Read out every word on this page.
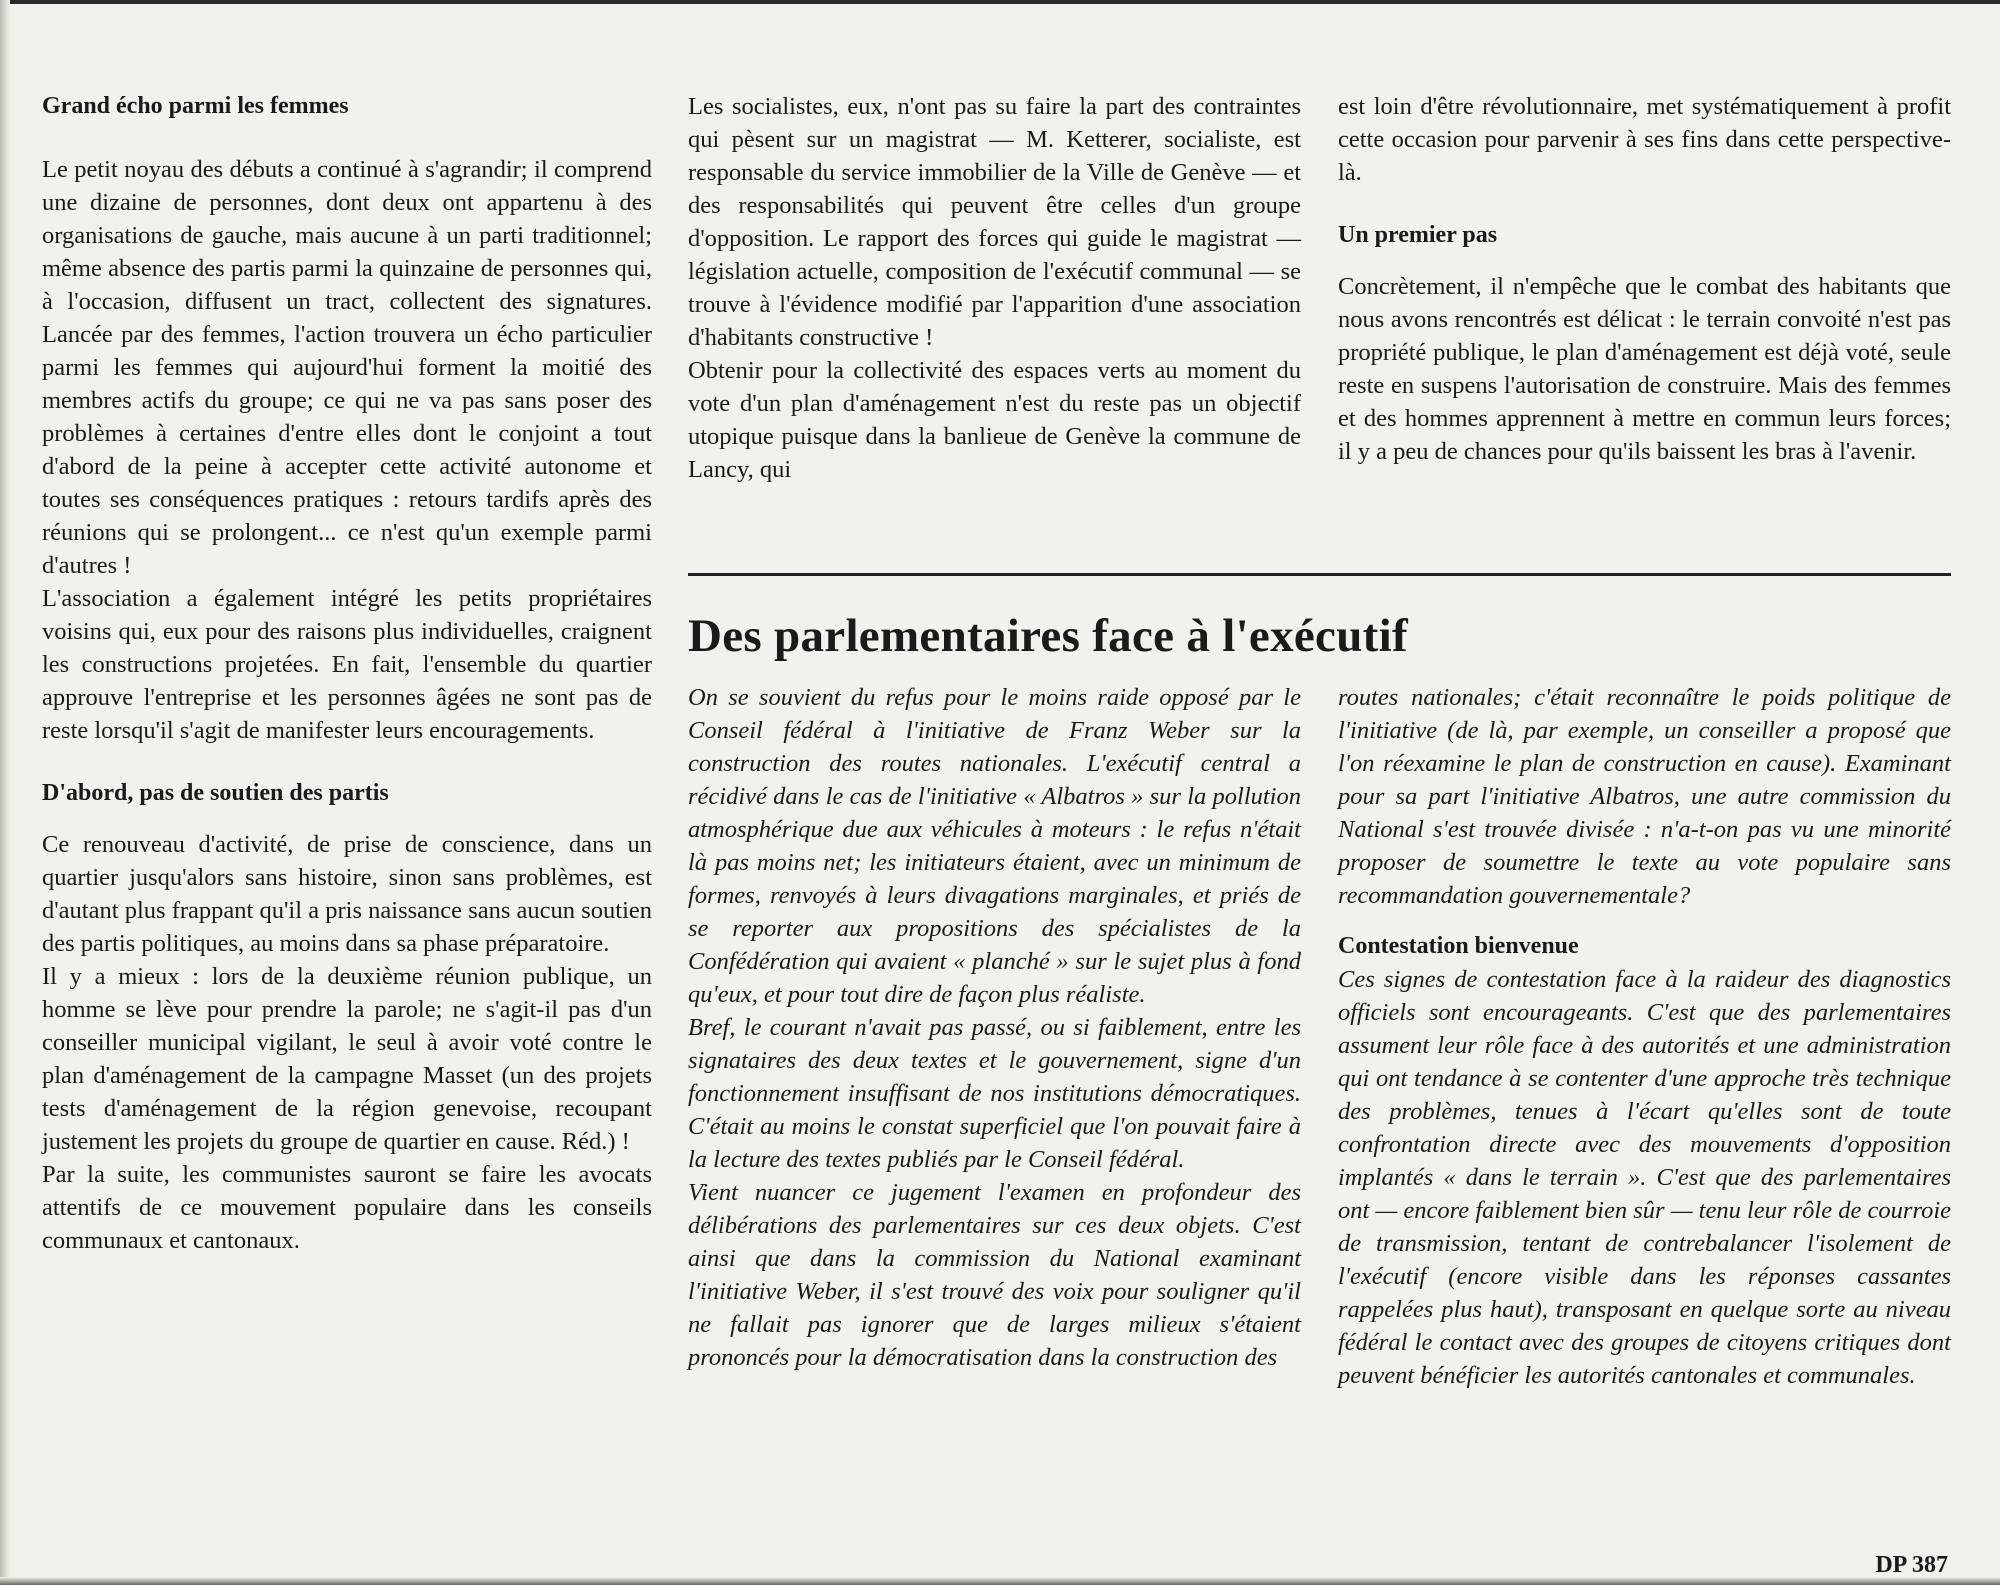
Grand écho parmi les femmes

Le petit noyau des débuts a continué à s'agrandir; il comprend une dizaine de personnes, dont deux ont appartenu à des organisations de gauche, mais aucune à un parti traditionnel; même absence des partis parmi la quinzaine de personnes qui, à l'occasion, diffusent un tract, collectent des signatures. Lancée par des femmes, l'action trouvera un écho particulier parmi les femmes qui aujourd'hui forment la moitié des membres actifs du groupe; ce qui ne va pas sans poser des problèmes à certaines d'entre elles dont le conjoint a tout d'abord de la peine à accepter cette activité autonome et toutes ses conséquences pratiques : retours tardifs après des réunions qui se prolongent... ce n'est qu'un exemple parmi d'autres !

L'association a également intégré les petits propriétaires voisins qui, eux pour des raisons plus individuelles, craignent les constructions projetées. En fait, l'ensemble du quartier approuve l'entreprise et les personnes âgées ne sont pas de reste lorsqu'il s'agit de manifester leurs encouragements.

D'abord, pas de soutien des partis

Ce renouveau d'activité, de prise de conscience, dans un quartier jusqu'alors sans histoire, sinon sans problèmes, est d'autant plus frappant qu'il a pris naissance sans aucun soutien des partis politiques, au moins dans sa phase préparatoire.

Il y a mieux : lors de la deuxième réunion publique, un homme se lève pour prendre la parole; ne s'agit-il pas d'un conseiller municipal vigilant, le seul à avoir voté contre le plan d'aménagement de la campagne Masset (un des projets tests d'aménagement de la région genevoise, recoupant justement les projets du groupe de quartier en cause. Réd.) !

Par la suite, les communistes sauront se faire les avocats attentifs de ce mouvement populaire dans les conseils communaux et cantonaux.

Les socialistes, eux, n'ont pas su faire la part des contraintes qui pèsent sur un magistrat — M. Ketterer, socialiste, est responsable du service immobilier de la Ville de Genève — et des responsabilités qui peuvent être celles d'un groupe d'opposition. Le rapport des forces qui guide le magistrat — législation actuelle, composition de l'exécutif communal — se trouve à l'évidence modifié par l'apparition d'une association d'habitants constructive !

Obtenir pour la collectivité des espaces verts au moment du vote d'un plan d'aménagement n'est du reste pas un objectif utopique puisque dans la banlieue de Genève la commune de Lancy, qui

est loin d'être révolutionnaire, met systématiquement à profit cette occasion pour parvenir à ses fins dans cette perspective-là.

Un premier pas

Concrètement, il n'empêche que le combat des habitants que nous avons rencontrés est délicat : le terrain convoité n'est pas propriété publique, le plan d'aménagement est déjà voté, seule reste en suspens l'autorisation de construire. Mais des femmes et des hommes apprennent à mettre en commun leurs forces; il y a peu de chances pour qu'ils baissent les bras à l'avenir.

Des parlementaires face à l'exécutif

On se souvient du refus pour le moins raide opposé par le Conseil fédéral à l'initiative de Franz Weber sur la construction des routes nationales. L'exécutif central a récidivé dans le cas de l'initiative « Albatros » sur la pollution atmosphérique due aux véhicules à moteurs : le refus n'était là pas moins net; les initiateurs étaient, avec un minimum de formes, renvoyés à leurs divagations marginales, et priés de se reporter aux propositions des spécialistes de la Confédération qui avaient « planché » sur le sujet plus à fond qu'eux, et pour tout dire de façon plus réaliste.

Bref, le courant n'avait pas passé, ou si faiblement, entre les signataires des deux textes et le gouvernement, signe d'un fonctionnement insuffisant de nos institutions démocratiques. C'était au moins le constat superficiel que l'on pouvait faire à la lecture des textes publiés par le Conseil fédéral.

Vient nuancer ce jugement l'examen en profondeur des délibérations des parlementaires sur ces deux objets. C'est ainsi que dans la commission du National examinant l'initiative Weber, il s'est trouvé des voix pour souligner qu'il ne fallait pas ignorer que de larges milieux s'étaient prononcés pour la démocratisation dans la construction des

routes nationales; c'était reconnaître le poids politique de l'initiative (de là, par exemple, un conseiller a proposé que l'on réexamine le plan de construction en cause). Examinant pour sa part l'initiative Albatros, une autre commission du National s'est trouvée divisée : n'a-t-on pas vu une minorité proposer de soumettre le texte au vote populaire sans recommandation gouvernementale?

Contestation bienvenue

Ces signes de contestation face à la raideur des diagnostics officiels sont encourageants. C'est que des parlementaires assument leur rôle face à des autorités et une administration qui ont tendance à se contenter d'une approche très technique des problèmes, tenues à l'écart qu'elles sont de toute confrontation directe avec des mouvements d'opposition implantés « dans le terrain ». C'est que des parlementaires ont — encore faiblement bien sûr — tenu leur rôle de courroie de transmission, tentant de contrebalancer l'isolement de l'exécutif (encore visible dans les réponses cassantes rappelées plus haut), transposant en quelque sorte au niveau fédéral le contact avec des groupes de citoyens critiques dont peuvent bénéficier les autorités cantonales et communales.

DP 387
